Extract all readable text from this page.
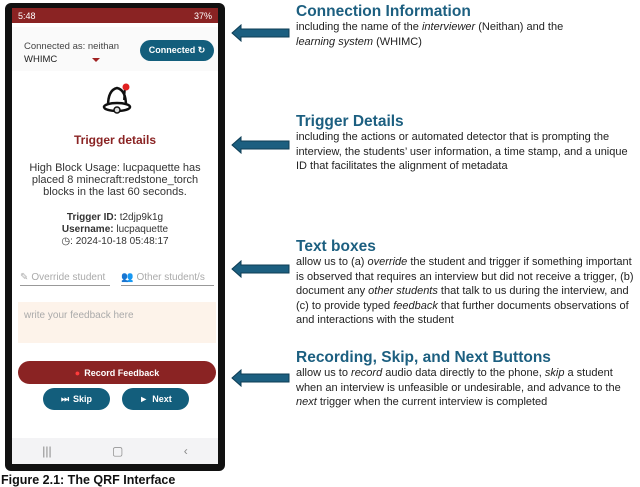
5:48	37%
Connected as: neithan
WHIMC
Connected ↻
Trigger details
High Block Usage: lucpaquette has placed 8 minecraft:redstone_torch blocks in the last 60 seconds.
Trigger ID: t2djp9k1g
Username: lucpaquette
◷: 2024-10-18 05:48:17
✎ Override student 👥 Other student/s
write your feedback here
● Record Feedback
⏭ Skip	► Next
|||	▢	‹
Connection Information

including the name of the interviewer (Neithan) and the learning system (WHIMC)

Trigger Details

including the actions or automated detector that is prompting the interview, the students’ user information, a time stamp, and a unique ID that facilitates the alignment of metadata

Text boxes

allow us to (a) override the student and trigger if something important is observed that requires an interview but did not receive a trigger, (b) document any other students that talk to us during the interview, and (c) to provide typed feedback that further documents observations of and interactions with the student

Recording, Skip, and Next Buttons

allow us to record audio data directly to the phone, skip a student when an interview is unfeasible or undesirable, and advance to the next trigger when the current interview is completed

Figure 2.1: The QRF Interface
